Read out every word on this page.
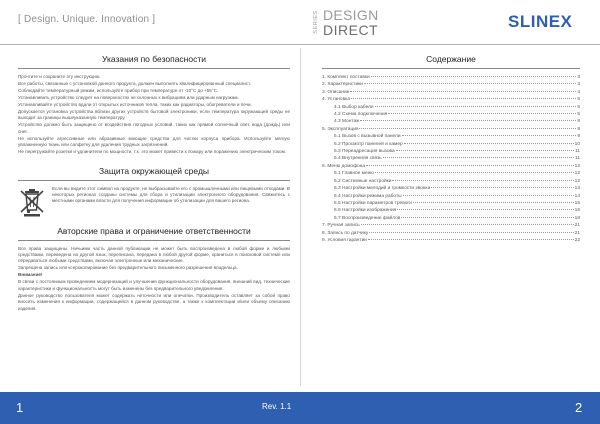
[ Design. Unique. Innovation ]	SERIES DESIGN
DIRECT	SLINEX
Указания по безопасности
Прочтите и сохраните эту инструкцию.
Все работы, связанные с установкой данного продукта, должен выполнять квалифицированный специалист.
Соблюдайте температурный режим, используйте прибор при температуре от -10°С до +55°С.
Устанавливать устройство следует на поверхностях не склонных к вибрациям или ударным нагрузкам.
Устанавливайте устройство вдали от открытых источников тепла, таких как радиаторы, обогреватели и печи.
Допускается установка устройства вблизи других устройств бытовой электроники, если температура окружающей среды не выходит за границы вышеуказанную температуру.
Устройство должно быть защищено от воздействия погодных условий, таких как прямой солнечный свет, вода (дождь) или снег.
Не используйте агрессивные или абразивные моющие средства для чистки корпуса прибора. Используйте мягкую увлажненную ткань или салфетку для удаления трудных загрязнений.
Не перегружайте розетки и удлинители по мощности, т.к. это может привести к пожару или поражению электрическим током.
Защита окружающей среды
Если вы видите этот символ на продукте, не выбрасывайте его с промышленными или пищевыми отходами. В некоторых регионах созданы системы для сбора и утилизации электронного оборудования. Свяжитесь с местными органами власти для получения информации об утилизации для вашего региона.
Авторские права и ограничение ответственности
Все права защищены. Ничьими часть данной публикации не может быть воспроизведена в любой форме и любыми средствами, переведена на другой язык, переписана, передана в любой другой форме, храниться в поисковой системе или передаваться любыми средствами, включая электронные или механические.
Запрещена запись или ксерокопирование без предварительного письменного разрешения владельца.
Внимание!
В связи с постоянным проведением модернизаций и улучшения функциональности оборудования, внешний вид, технические характеристики и функциональность могут быть изменены без предварительного уведомления.
Данное руководство пользователя может содержать неточности или опечатки. Производитель оставляет за собой право вносить изменения к информации, содержащейся в данном руководстве, а также к комплектации и/или объему описанию изделия.
Содержание
1. Комплект поставки	3
2. Характеристики	3
3. Описание	4
4. Установка	5
4.1 Выбор кабеля	5
4.2 Схема подключения	5
4.3 Монтаж	8
5. Эксплуатация	9
5.1 Вызов с вызывной панели	9
5.2 Просмотр панелей и камер	10
5.3 Переадресация вызова	11
5.4 Внутренняя связь	11
6. Меню домофона	12
6.1 Главное меню	12
6.2 Системные настройки	12
6.3 Настройки мелодий и громкости звонка	13
6.4 Настройки режима работы	14
6.5 Настройки параметров тревоги	15
6.6 Настройки изображения	16
6.7 Воспроизведение файлов	18
7. Ручная запись	21
8. Запись по датчику	21
9. Условия гарантии	22
1	Rev. 1.1	2
